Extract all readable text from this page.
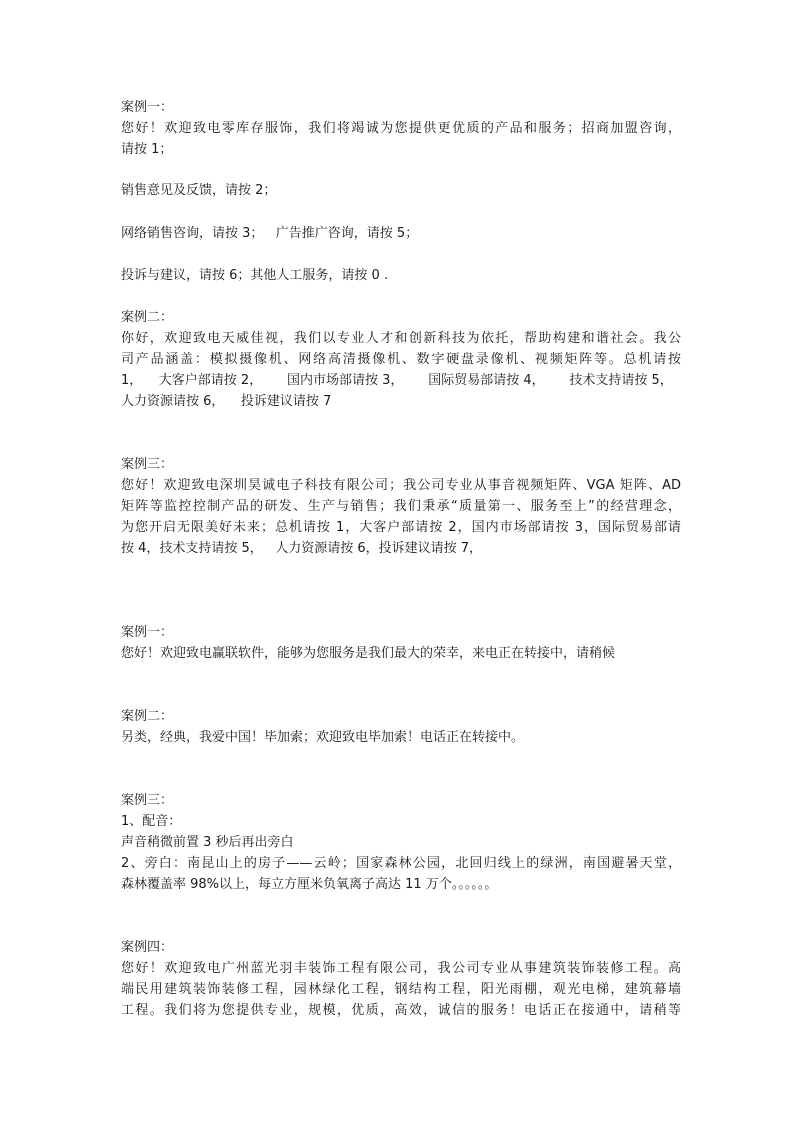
案例一：
您好！欢迎致电零库存服饰，我们将竭诚为您提供更优质的产品和服务；招商加盟咨询，
请按 1；
销售意见及反馈，请按 2；
网络销售咨询，请按 3；   广告推广咨询，请按 5；
投诉与建议，请按 6；其他人工服务，请按 0 .
案例二：
你好，欢迎致电天威佳视，我们以专业人才和创新科技为依托，帮助构建和谐社会。我公
司产品涵盖：模拟摄像机、网络高清摄像机、数字硬盘录像机、视频矩阵等。总机请按
1，    大客户部请按 2，      国内市场部请按 3，      国际贸易部请按 4，      技术支持请按 5，
人力资源请按 6，    投诉建议请按 7
案例三：
您好！欢迎致电深圳昊诚电子科技有限公司；我公司专业从事音视频矩阵、VGA 矩阵、AD
矩阵等监控控制产品的研发、生产与销售；我们秉承“质量第一、服务至上”的经营理念，
为您开启无限美好未来；总机请按 1，大客户部请按 2，国内市场部请按 3，国际贸易部请
按 4，技术支持请按 5，   人力资源请按 6，投诉建议请按 7，
案例一：
您好！欢迎致电赢联软件，能够为您服务是我们最大的荣幸，来电正在转接中，请稍候
案例二：
另类，经典，我爱中国！毕加索；欢迎致电毕加索！电话正在转接中。
案例三：
1、配音：
声音稍微前置 3 秒后再出旁白
2、旁白：南昆山上的房子——云岭；国家森林公园，北回归线上的绿洲，南国避暑天堂，
森林覆盖率 98%以上，每立方厘米负氧离子高达 11 万个。。。。。。
案例四：
您好！欢迎致电广州蓝光羽丰装饰工程有限公司，我公司专业从事建筑装饰装修工程。高
端民用建筑装饰装修工程，园林绿化工程，钢结构工程，阳光雨棚，观光电梯，建筑幕墙
工程。我们将为您提供专业，规模，优质，高效，诚信的服务！电话正在接通中，请稍等
